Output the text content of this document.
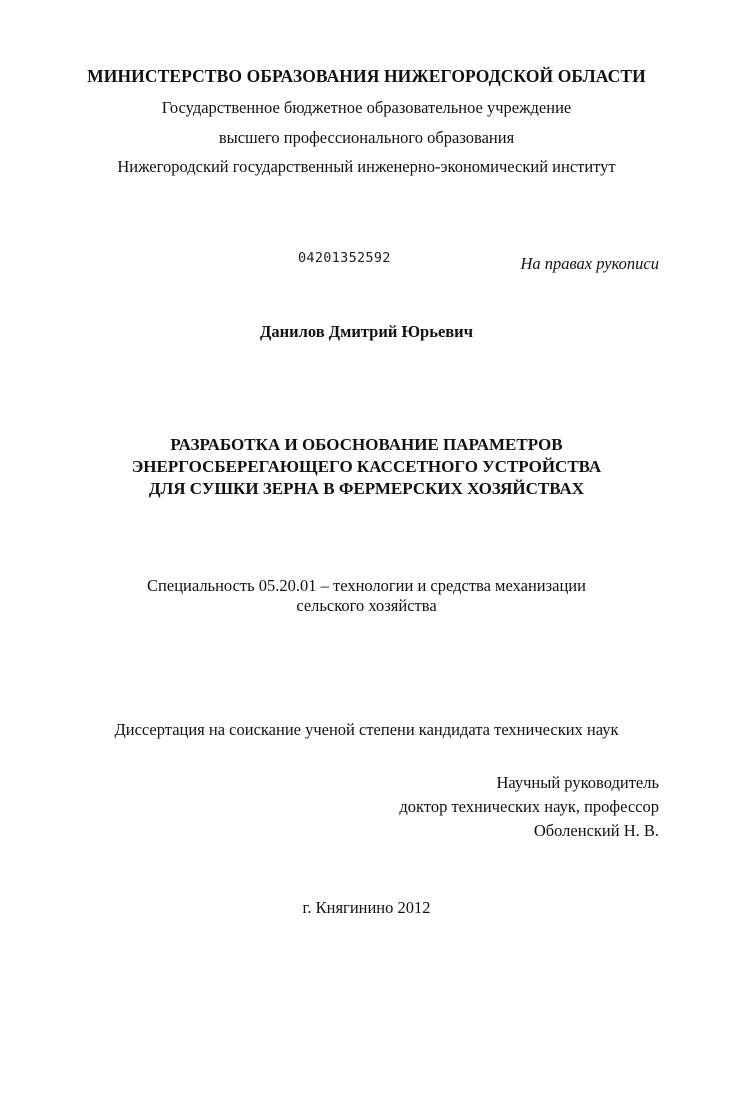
МИНИСТЕРСТВО ОБРАЗОВАНИЯ НИЖЕГОРОДСКОЙ ОБЛАСТИ
Государственное бюджетное образовательное учреждение
высшего профессионального образования
Нижегородский государственный инженерно-экономический институт
04201352592	На правах рукописи
Данилов Дмитрий Юрьевич
РАЗРАБОТКА И ОБОСНОВАНИЕ ПАРАМЕТРОВ
ЭНЕРГОСБЕРЕГАЮЩЕГО КАССЕТНОГО УСТРОЙСТВА
ДЛЯ СУШКИ ЗЕРНА В ФЕРМЕРСКИХ ХОЗЯЙСТВАХ
Специальность 05.20.01 – технологии и средства механизации
сельского хозяйства
Диссертация на соискание ученой степени кандидата технических наук
Научный руководитель
доктор технических наук, профессор
Оболенский Н. В.
г. Княгинино 2012
